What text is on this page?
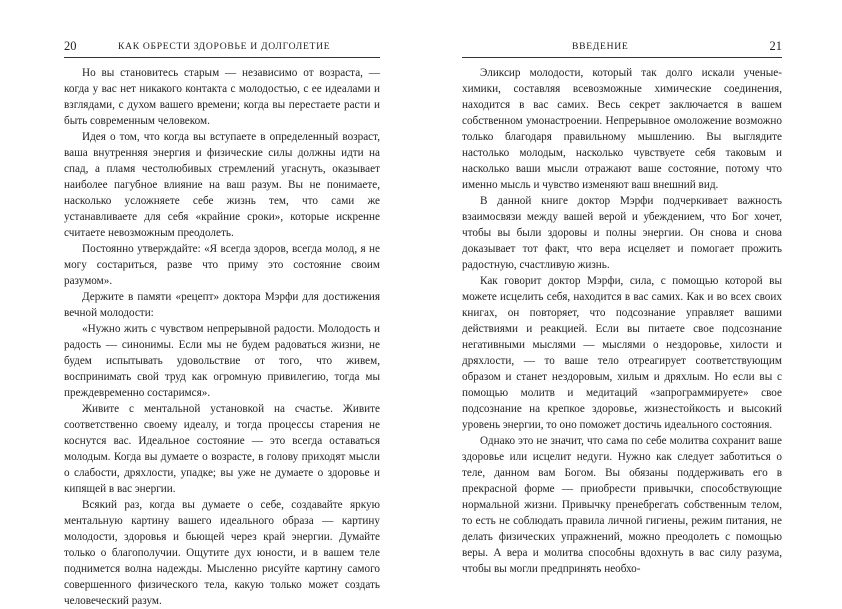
20	КАК ОБРЕСТИ ЗДОРОВЬЕ И ДОЛГОЛЕТИЕ

Но вы становитесь старым — независимо от возраста, — когда у вас нет никакого контакта с молодостью, с ее идеалами и взглядами, с духом вашего времени; когда вы перестаете расти и быть современным человеком.

Идея о том, что когда вы вступаете в определенный возраст, ваша внутренняя энергия и физические силы должны идти на спад, а пламя честолюбивых стремлений угаснуть, оказывает наиболее пагубное влияние на ваш разум. Вы не понимаете, насколько усложняете себе жизнь тем, что сами же устанавливаете для себя «крайние сроки», которые искренне считаете невозможным преодолеть.

Постоянно утверждайте: «Я всегда здоров, всегда молод, я не могу состариться, разве что приму это состояние своим разумом».

Держите в памяти «рецепт» доктора Мэрфи для достижения вечной молодости:

«Нужно жить с чувством непрерывной радости. Молодость и радость — синонимы. Если мы не будем радоваться жизни, не будем испытывать удовольствие от того, что живем, воспринимать свой труд как огромную привилегию, тогда мы преждевременно состаримся».

Живите с ментальной установкой на счастье. Живите соответственно своему идеалу, и тогда процессы старения не коснутся вас. Идеальное состояние — это всегда оставаться молодым. Когда вы думаете о возрасте, в голову приходят мысли о слабости, дряхлости, упадке; вы уже не думаете о здоровье и кипящей в вас энергии.

Всякий раз, когда вы думаете о себе, создавайте яркую ментальную картину вашего идеального образа — картину молодости, здоровья и бьющей через край энергии. Думайте только о благополучии. Ощутите дух юности, и в вашем теле поднимется волна надежды. Мысленно рисуйте картину самого совершенного физического тела, какую только может создать человеческий разум.

ВВЕДЕНИЕ	21

Эликсир молодости, который так долго искали ученые-химики, составляя всевозможные химические соединения, находится в вас самих. Весь секрет заключается в вашем собственном умонастроении. Непрерывное омоложение возможно только благодаря правильному мышлению. Вы выглядите настолько молодым, насколько чувствуете себя таковым и насколько ваши мысли отражают ваше состояние, потому что именно мысль и чувство изменяют ваш внешний вид.

В данной книге доктор Мэрфи подчеркивает важность взаимосвязи между вашей верой и убеждением, что Бог хочет, чтобы вы были здоровы и полны энергии. Он снова и снова доказывает тот факт, что вера исцеляет и помогает прожить радостную, счастливую жизнь.

Как говорит доктор Мэрфи, сила, с помощью которой вы можете исцелить себя, находится в вас самих. Как и во всех своих книгах, он повторяет, что подсознание управляет вашими действиями и реакцией. Если вы питаете свое подсознание негативными мыслями — мыслями о нездоровье, хилости и дряхлости, — то ваше тело отреагирует соответствующим образом и станет нездоровым, хилым и дряхлым. Но если вы с помощью молитв и медитаций «запрограммируете» свое подсознание на крепкое здоровье, жизнестойкость и высокий уровень энергии, то оно поможет достичь идеального состояния.

Однако это не значит, что сама по себе молитва сохранит ваше здоровье или исцелит недуги. Нужно как следует заботиться о теле, данном вам Богом. Вы обязаны поддерживать его в прекрасной форме — приобрести привычки, способствующие нормальной жизни. Привычку пренебрегать собственным телом, то есть не соблюдать правила личной гигиены, режим питания, не делать физических упражнений, можно преодолеть с помощью веры. А вера и молитва способны вдохнуть в вас силу разума, чтобы вы могли предпринять необхо-
